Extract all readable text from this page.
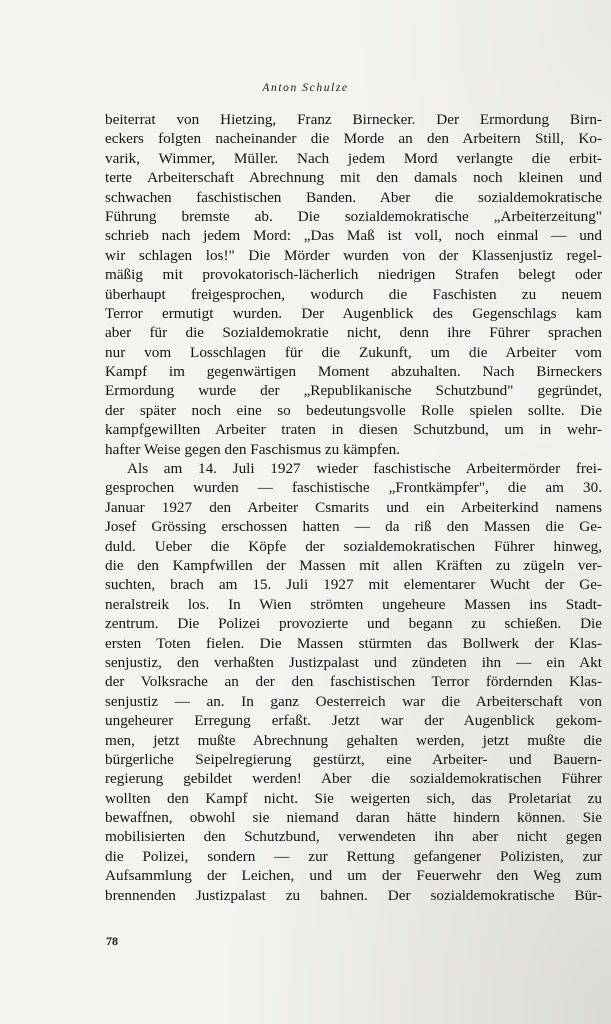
Anton Schulze
beiterrat von Hietzing, Franz Birnecker. Der Ermordung Birn-
eckers folgten nacheinander die Morde an den Arbeitern Still, Ko-
varik, Wimmer, Müller. Nach jedem Mord verlangte die erbit-
terte Arbeiterschaft Abrechnung mit den damals noch kleinen und
schwachen faschistischen Banden. Aber die sozialdemokratische
Führung bremste ab. Die sozialdemokratische „Arbeiterzeitung"
schrieb nach jedem Mord: „Das Maß ist voll, noch einmal — und
wir schlagen los!" Die Mörder wurden von der Klassenjustiz regel-
mäßig mit provokatorisch-lächerlich niedrigen Strafen belegt oder
überhaupt freigesprochen, wodurch die Faschisten zu neuem
Terror ermutigt wurden. Der Augenblick des Gegenschlags kam
aber für die Sozialdemokratie nicht, denn ihre Führer sprachen
nur vom Losschlagen für die Zukunft, um die Arbeiter vom
Kampf im gegenwärtigen Moment abzuhalten. Nach Birneckers
Ermordung wurde der „Republikanische Schutzbund" gegründet,
der später noch eine so bedeutungsvolle Rolle spielen sollte. Die
kampfgewillten Arbeiter traten in diesen Schutzbund, um in wehr-
hafter Weise gegen den Faschismus zu kämpfen.
Als am 14. Juli 1927 wieder faschistische Arbeitermörder frei-
gesprochen wurden — faschistische „Frontkämpfer", die am 30.
Januar 1927 den Arbeiter Csmarits und ein Arbeiterkind namens
Josef Grössing erschossen hatten — da riß den Massen die Ge-
duld. Ueber die Köpfe der sozialdemokratischen Führer hinweg,
die den Kampfwillen der Massen mit allen Kräften zu zügeln ver-
suchten, brach am 15. Juli 1927 mit elementarer Wucht der Ge-
neralstreik los. In Wien strömten ungeheure Massen ins Stadt-
zentrum. Die Polizei provozierte und begann zu schießen. Die
ersten Toten fielen. Die Massen stürmten das Bollwerk der Klas-
senjustiz, den verhaßten Justizpalast und zündeten ihn — ein Akt
der Volksrache an der den faschistischen Terror fördernden Klas-
senjustiz — an. In ganz Oesterreich war die Arbeiterschaft von
ungeheurer Erregung erfaßt. Jetzt war der Augenblick gekom-
men, jetzt mußte Abrechnung gehalten werden, jetzt mußte die
bürgerliche Seipelregierung gestürzt, eine Arbeiter- und Bauern-
regierung gebildet werden! Aber die sozialdemokratischen Führer
wollten den Kampf nicht. Sie weigerten sich, das Proletariat zu
bewaffnen, obwohl sie niemand daran hätte hindern können. Sie
mobilisierten den Schutzbund, verwendeten ihn aber nicht gegen
die Polizei, sondern — zur Rettung gefangener Polizisten, zur
Aufsammlung der Leichen, und um der Feuerwehr den Weg zum
brennenden Justizpalast zu bahnen. Der sozialdemokratische Bür-
78
